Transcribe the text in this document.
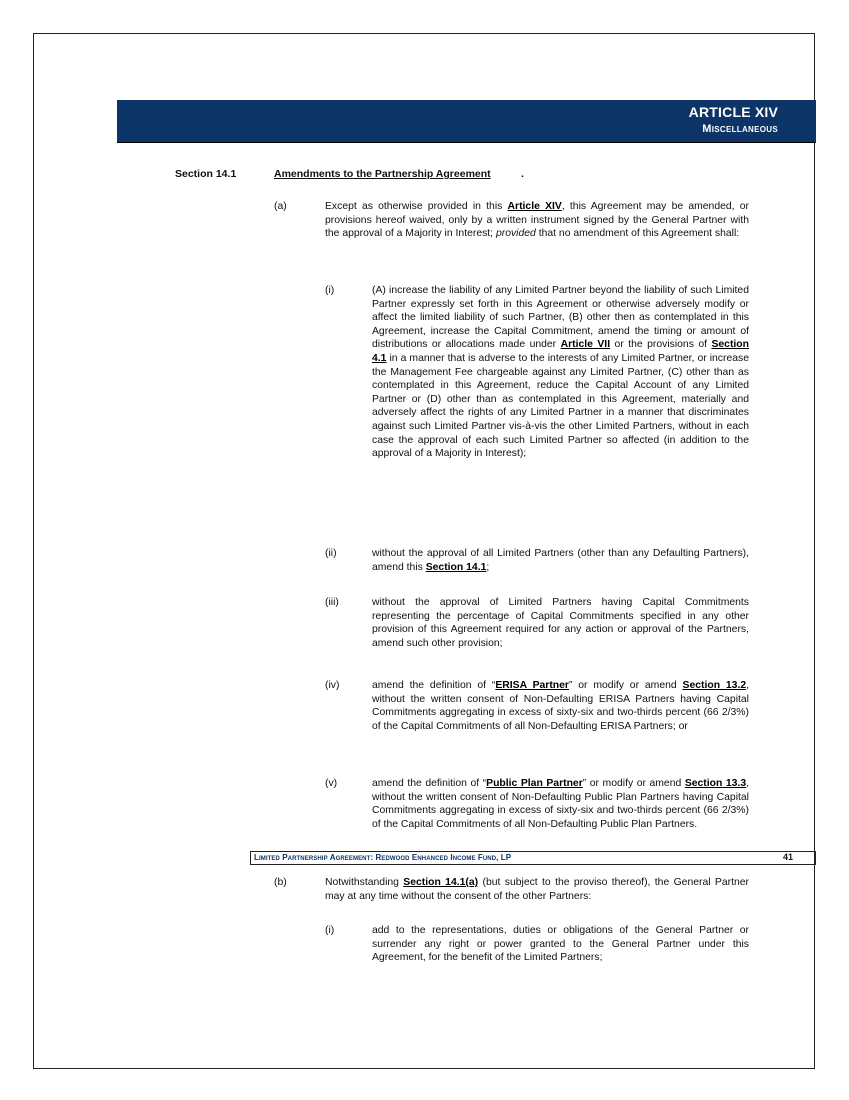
ARTICLE XIV
Miscellaneous
Section 14.1	Amendments to the Partnership Agreement	.
(a)	Except as otherwise provided in this Article XIV, this Agreement may be amended, or provisions hereof waived, only by a written instrument signed by the General Partner with the approval of a Majority in Interest; provided that no amendment of this Agreement shall:
(i)	(A) increase the liability of any Limited Partner beyond the liability of such Limited Partner expressly set forth in this Agreement or otherwise adversely modify or affect the limited liability of such Partner, (B) other then as contemplated in this Agreement, increase the Capital Commitment, amend the timing or amount of distributions or allocations made under Article VII or the provisions of Section 4.1 in a manner that is adverse to the interests of any Limited Partner, or increase the Management Fee chargeable against any Limited Partner, (C) other than as contemplated in this Agreement, reduce the Capital Account of any Limited Partner or (D) other than as contemplated in this Agreement, materially and adversely affect the rights of any Limited Partner in a manner that discriminates against such Limited Partner vis-à-vis the other Limited Partners, without in each case the approval of each such Limited Partner so affected (in addition to the approval of a Majority in Interest);
(ii)	without the approval of all Limited Partners (other than any Defaulting Partners), amend this Section 14.1;
(iii)	without the approval of Limited Partners having Capital Commitments representing the percentage of Capital Commitments specified in any other provision of this Agreement required for any action or approval of the Partners, amend such other provision;
(iv)	amend the definition of “ERISA Partner” or modify or amend Section 13.2, without the written consent of Non-Defaulting ERISA Partners having Capital Commitments aggregating in excess of sixty-six and two-thirds percent (66 2/3%) of the Capital Commitments of all Non-Defaulting ERISA Partners; or
(v)	amend the definition of “Public Plan Partner” or modify or amend Section 13.3, without the written consent of Non-Defaulting Public Plan Partners having Capital Commitments aggregating in excess of sixty-six and two-thirds percent (66 2/3%) of the Capital Commitments of all Non-Defaulting Public Plan Partners.
(b)	Notwithstanding Section 14.1(a) (but subject to the proviso thereof), the General Partner may at any time without the consent of the other Partners:
(i)	add to the representations, duties or obligations of the General Partner or surrender any right or power granted to the General Partner under this Agreement, for the benefit of the Limited Partners;
Limited Partnership Agreement: Redwood Enhanced Income Fund, LP	41
